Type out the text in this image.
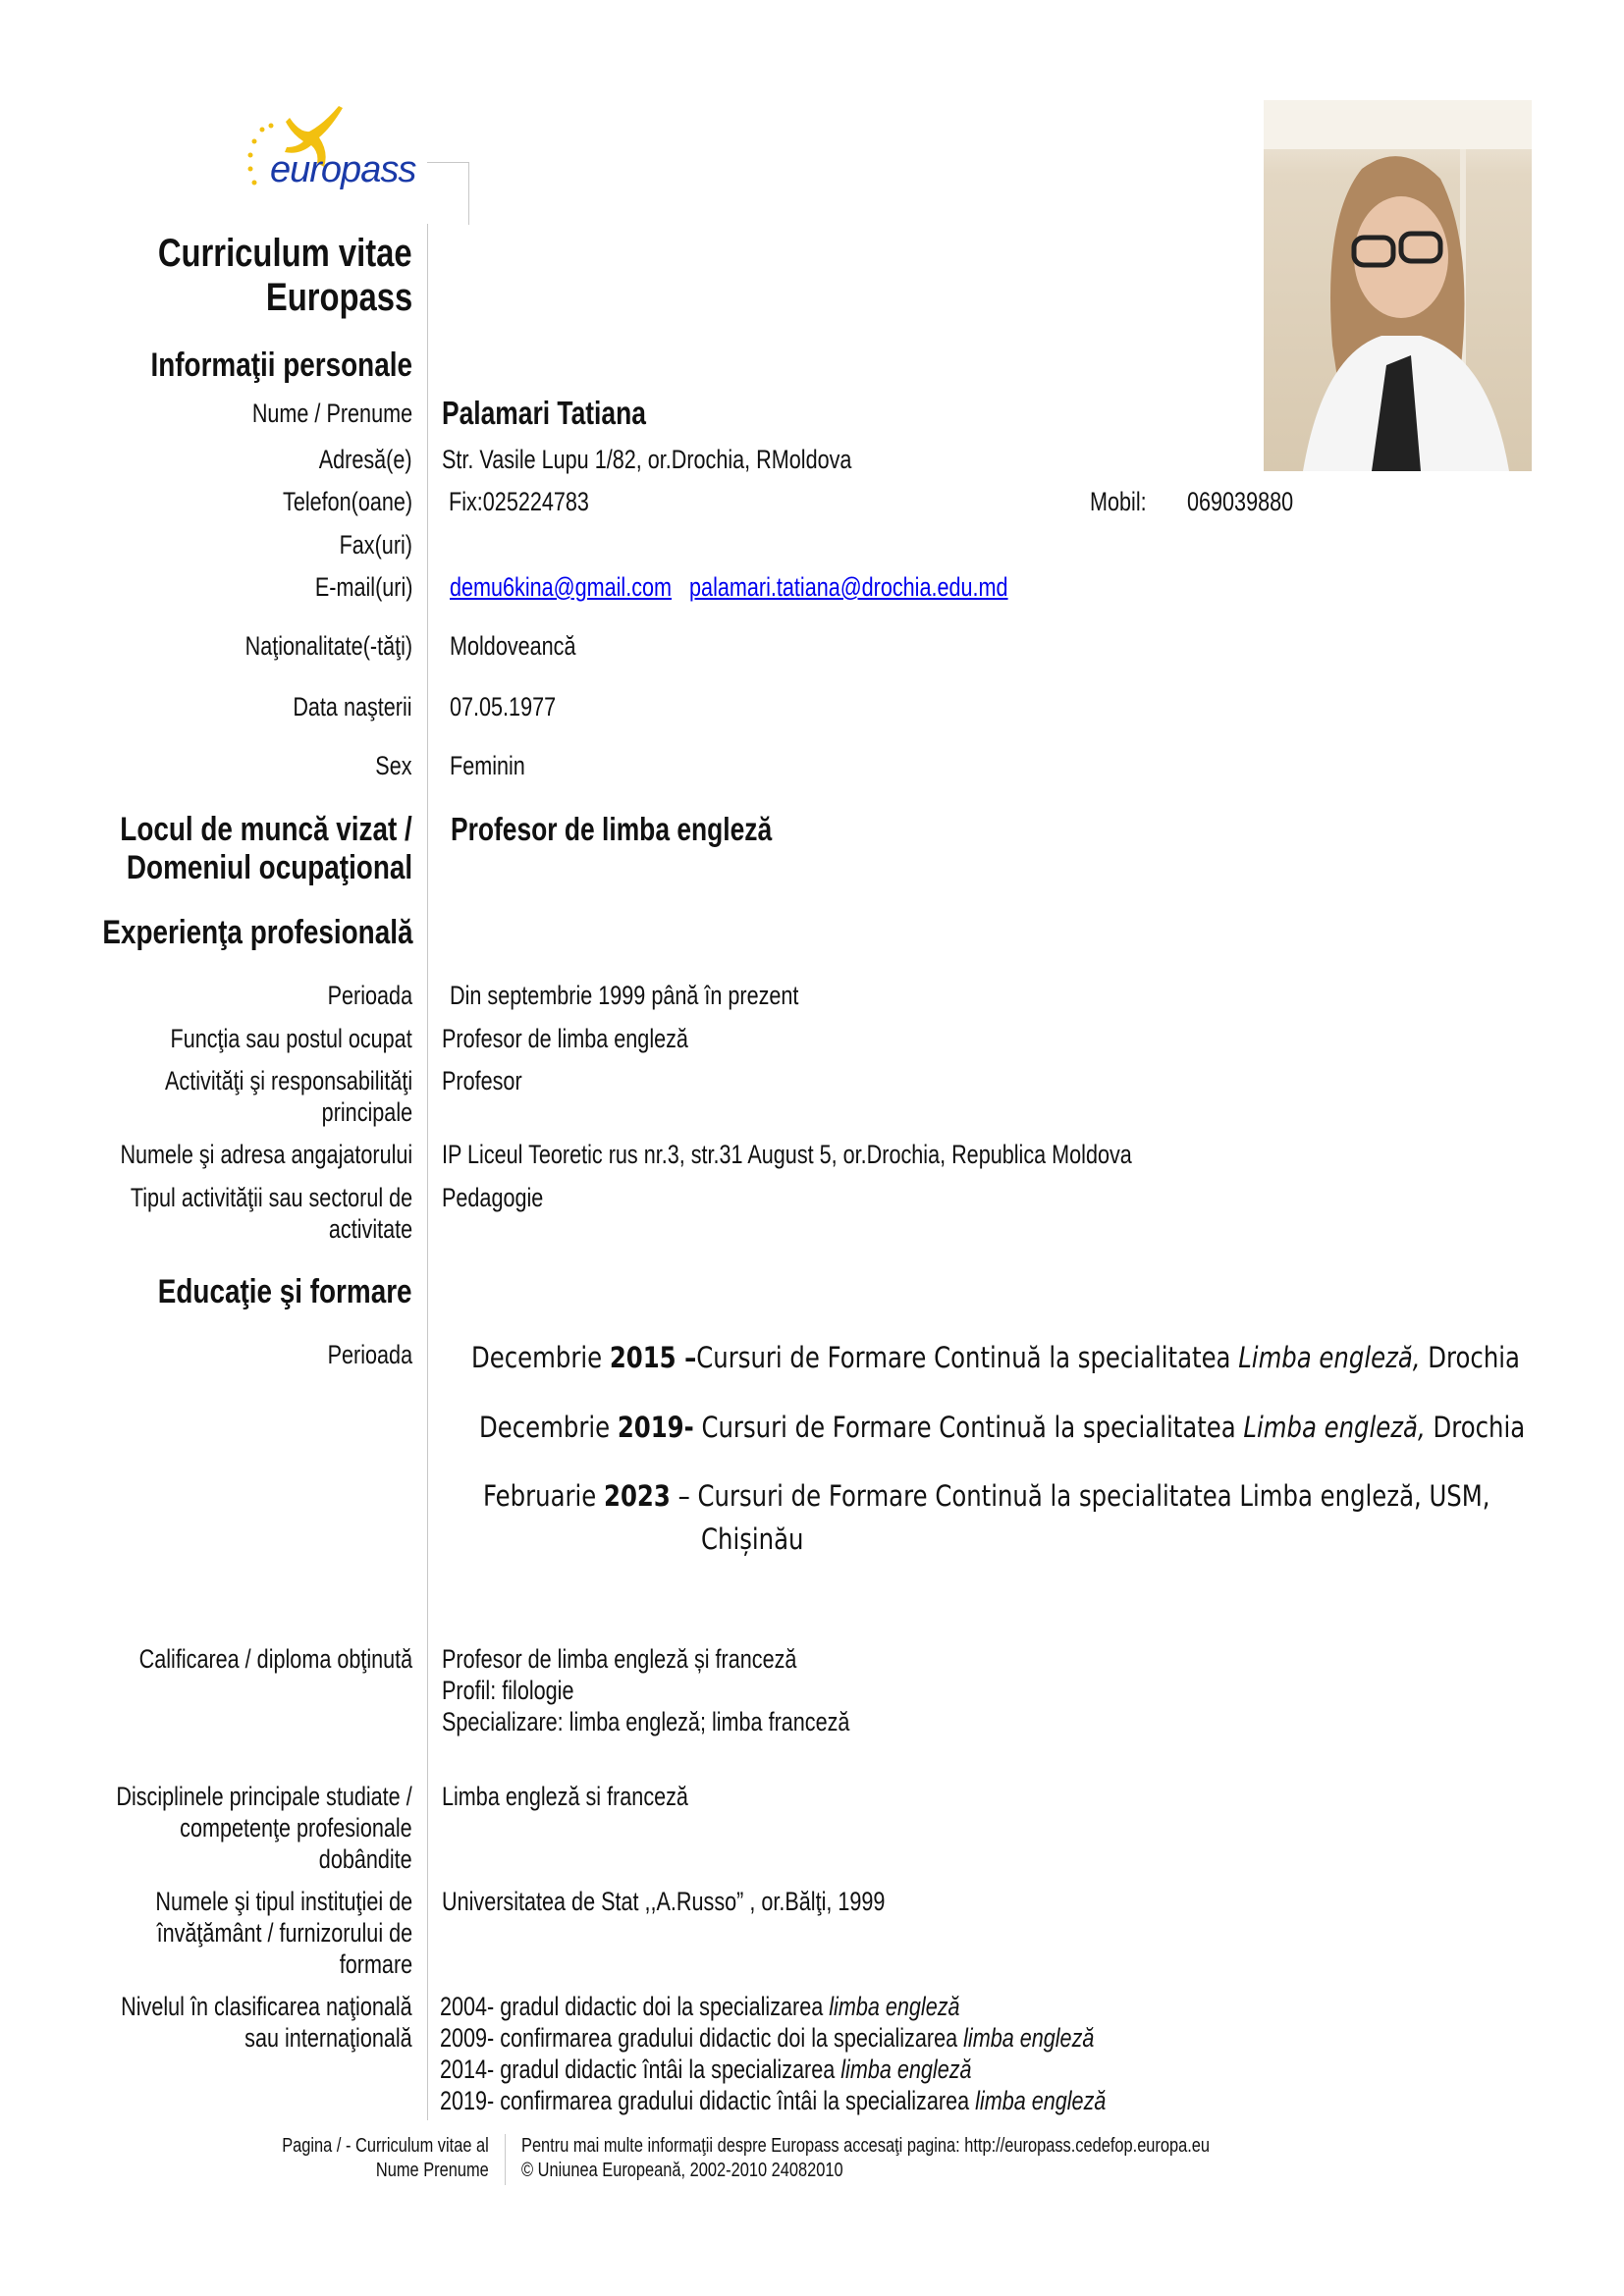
europass
Curriculum vitae
Europass
Informaţii personale
Nume / Prenume Palamari Tatiana
Adresă(e) Str. Vasile Lupu 1/82, or.Drochia, RMoldova
Telefon(oane) Fix:025224783	Mobil: 069039880
Fax(uri)
E-mail(uri) demu6kina@gmail.com palamari.tatiana@drochia.edu.md
Naţionalitate(-tăţi) Moldoveancă
Data naşterii 07.05.1977
Sex Feminin
Locul de muncă vizat /
Domeniul ocupaţional
Profesor de limba engleză
Experienţa profesională
Perioada Din septembrie 1999 până în prezent
Funcţia sau postul ocupat Profesor de limba engleză
Activităţi şi responsabilităţi
principale
Profesor
Numele şi adresa angajatorului IP Liceul Teoretic rus nr.3, str.31 August 5, or.Drochia, Republica Moldova
Tipul activităţii sau sectorul de
activitate
Pedagogie
Educaţie şi formare
Perioada Decembrie 2015 –Cursuri de Formare Continuă la specialitatea Limba engleză, Drochia
Decembrie 2019- Cursuri de Formare Continuă la specialitatea Limba engleză, Drochia
Februarie 2023 – Cursuri de Formare Continuă la specialitatea Limba engleză, USM,
Chișinău
Calificarea / diploma obţinută Profesor de limba engleză și franceză
Profil: filologie
Specializare: limba engleză; limba franceză
Disciplinele principale studiate /
competenţe profesionale
dobândite
Limba engleză si franceză
Numele şi tipul instituţiei de
învăţământ / furnizorului de
formare
Universitatea de Stat ,,A.Russo” , or.Bălţi, 1999
Nivelul în clasificarea naţională
sau internaţională
2004- gradul didactic doi la specializarea limba engleză
2009- confirmarea gradului didactic doi la specializarea limba engleză
2014- gradul didactic întâi la specializarea limba engleză
2019- confirmarea gradului didactic întâi la specializarea limba engleză
Pagina / - Curriculum vitae al
Nume Prenume
Pentru mai multe informaţii despre Europass accesaţi pagina: http://europass.cedefop.europa.eu
© Uniunea Europeană, 2002-2010 24082010
